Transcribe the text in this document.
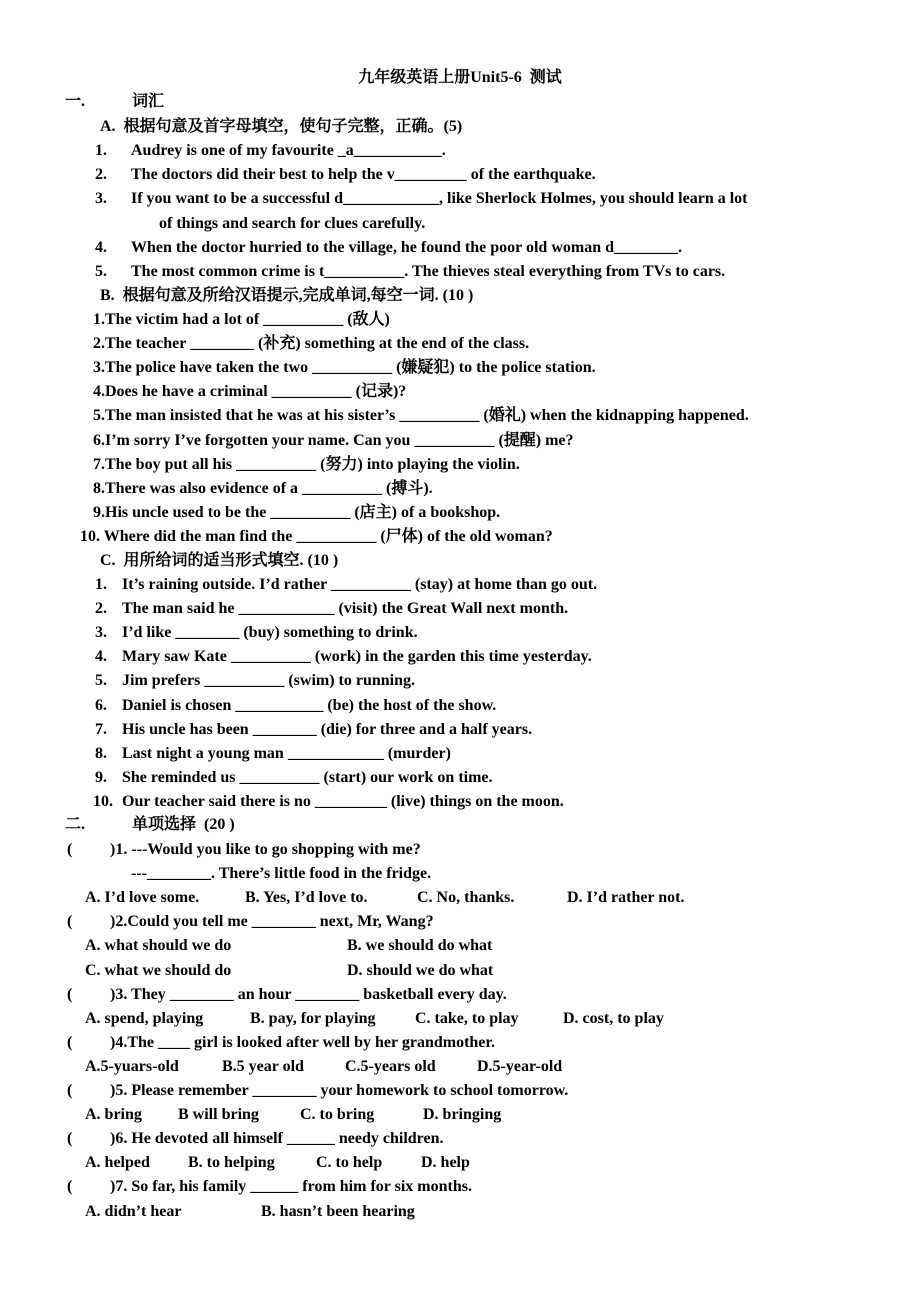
九年级英语上册Unit5-6  测试
一.	词汇
A.  根据句意及首字母填空，使句子完整，正确。(5)
1. Audrey is one of my favourite _a___________.
2. The doctors did their best to help the v_________ of the earthquake.
3. If you want to be a successful d____________, like Sherlock Holmes, you should learn a lot
of things and search for clues carefully.
4. When the doctor hurried to the village, he found the poor old woman d________.
5. The most common crime is t__________. The thieves steal everything from TVs to cars.
B.  根据句意及所给汉语提示,完成单词,每空一词. (10 )
1.The victim had a lot of __________ (敌人)
2.The teacher ________ (补充) something at the end of the class.
3.The police have taken the two __________ (嫌疑犯) to the police station.
4.Does he have a criminal __________ (记录)?
5.The man insisted that he was at his sister’s __________ (婚礼) when the kidnapping happened.
6.I’m sorry I’ve forgotten your name. Can you __________ (提醒) me?
7.The boy put all his __________ (努力) into playing the violin.
8.There was also evidence of a __________ (搏斗).
9.His uncle used to be the __________ (店主) of a bookshop.
10. Where did the man find the __________ (尸体) of the old woman?
C.  用所给词的适当形式填空. (10 )
1. It’s raining outside. I’d rather __________ (stay) at home than go out.
2. The man said he ____________ (visit) the Great Wall next month.
3. I’d like ________ (buy) something to drink.
4. Mary saw Kate __________ (work) in the garden this time yesterday.
5. Jim prefers __________ (swim) to running.
6. Daniel is chosen ___________ (be) the host of the show.
7. His uncle has been ________ (die) for three and a half years.
8. Last night a young man ____________ (murder)
9. She reminded us __________ (start) our work on time.
10. Our teacher said there is no _________ (live) things on the moon.
二.	单项选择  (20 )
( )1. ---Would you like to go shopping with me?
---________. There’s little food in the fridge.
A. I’d love some.	B. Yes, I’d love to.	C. No, thanks.	D. I’d rather not.
( )2.Could you tell me ________ next, Mr, Wang?
A. what should we do	B. we should do what
C. what we should do	D. should we do what
( )3. They ________ an hour ________ basketball every day.
A. spend, playing	B. pay, for playing C. take, to play	D. cost, to play
( )4.The ____ girl is looked after well by her grandmother.
A.5-yuars-old	B.5 year old	C.5-years old	D.5-year-old
( )5. Please remember ________ your homework to school tomorrow.
A. bring B will bring	C. to bring	D. bringing
( )6. He devoted all himself ______ needy children.
A. helped B. to helping	C. to help D. help
( )7. So far, his family ______ from him for six months.
A. didn’t hear	B. hasn’t been hearing
